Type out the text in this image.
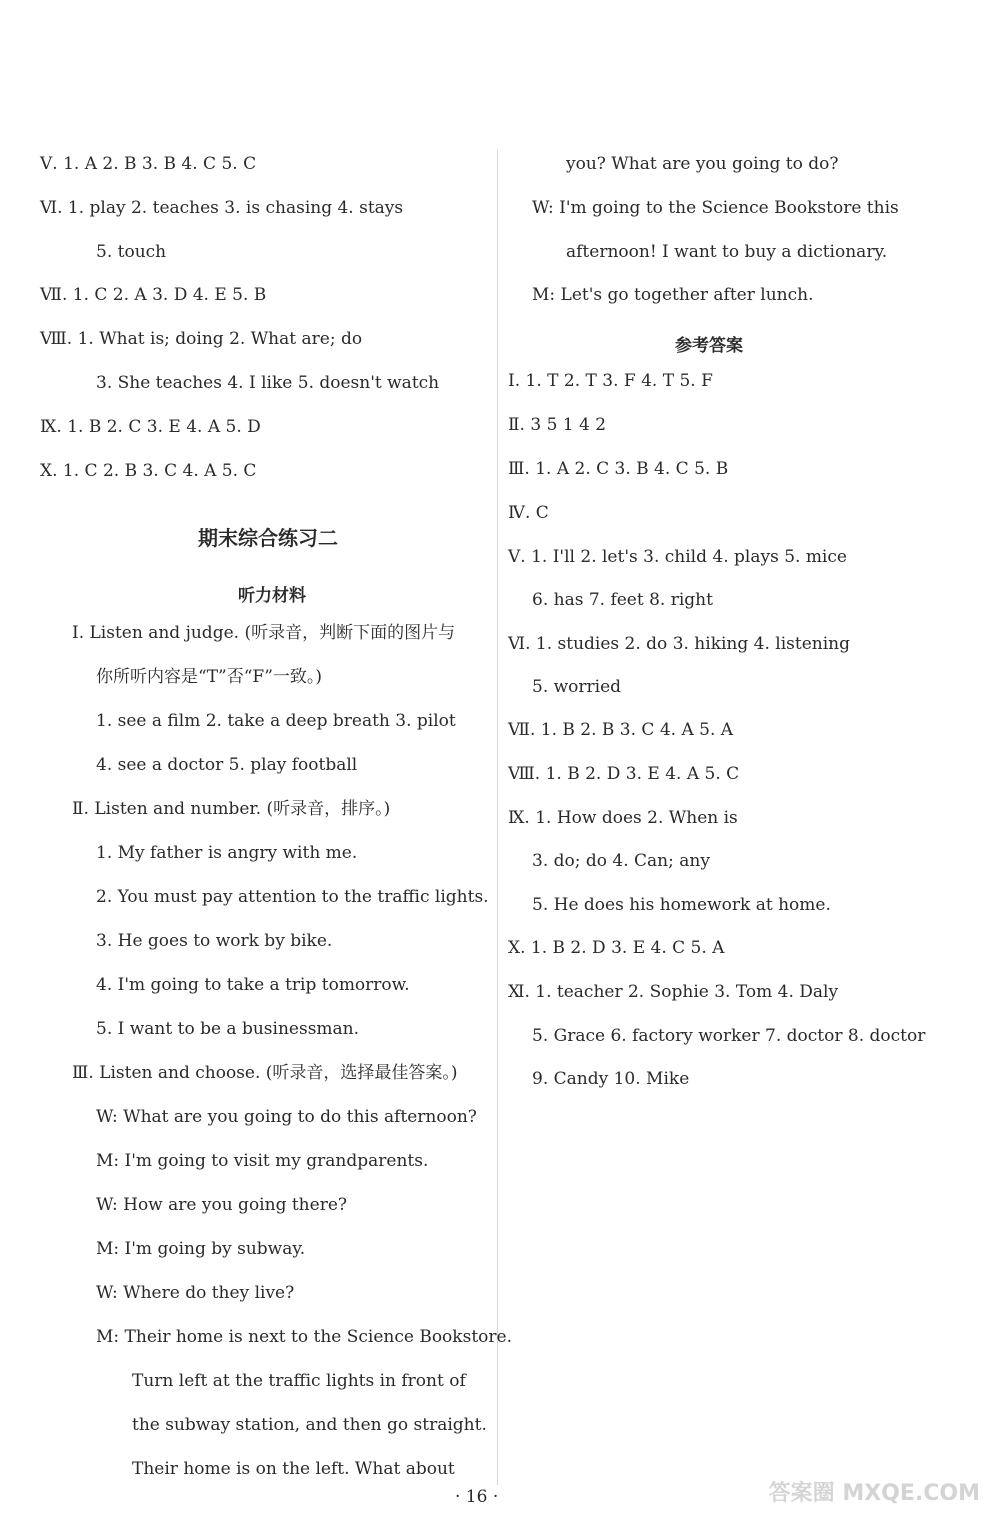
Ⅴ. 1. A 2. B 3. B 4. C 5. C
Ⅵ. 1. play 2. teaches 3. is chasing 4. stays
5. touch
Ⅶ. 1. C 2. A 3. D 4. E 5. B
Ⅷ. 1. What is; doing 2. What are; do
3. She teaches 4. I like 5. doesn't watch
Ⅸ. 1. B 2. C 3. E 4. A 5. D
Ⅹ. 1. C 2. B 3. C 4. A 5. C
Ⅰ. Listen and judge. (听录音，判断下面的图片与
你所听内容是“T”否“F”一致。)
1. see a film 2. take a deep breath 3. pilot
4. see a doctor 5. play football
Ⅱ. Listen and number. (听录音，排序。)
1. My father is angry with me.
2. You must pay attention to the traffic lights.
3. He goes to work by bike.
4. I'm going to take a trip tomorrow.
5. I want to be a businessman.
Ⅲ. Listen and choose. (听录音，选择最佳答案。)
W: What are you going to do this afternoon?
M: I'm going to visit my grandparents.
W: How are you going there?
M: I'm going by subway.
W: Where do they live?
M: Their home is next to the Science Bookstore.
Turn left at the traffic lights in front of
the subway station, and then go straight.
Their home is on the left. What about
you? What are you going to do?
W: I'm going to the Science Bookstore this
afternoon! I want to buy a dictionary.
M: Let's go together after lunch.
Ⅰ. 1. T 2. T 3. F 4. T 5. F
Ⅱ. 3 5 1 4 2
Ⅲ. 1. A 2. C 3. B 4. C 5. B
Ⅳ. C
Ⅴ. 1. I'll 2. let's 3. child 4. plays 5. mice
6. has 7. feet 8. right
Ⅵ. 1. studies 2. do 3. hiking 4. listening
5. worried
Ⅶ. 1. B 2. B 3. C 4. A 5. A
Ⅷ. 1. B 2. D 3. E 4. A 5. C
Ⅸ. 1. How does 2. When is
3. do; do 4. Can; any
5. He does his homework at home.
Ⅹ. 1. B 2. D 3. E 4. C 5. A
Ⅺ. 1. teacher 2. Sophie 3. Tom 4. Daly
5. Grace 6. factory worker 7. doctor 8. doctor
9. Candy 10. Mike
期末综合练习二
听力材料
参考答案
· 16 ·	答案圈 MXQE.COM
